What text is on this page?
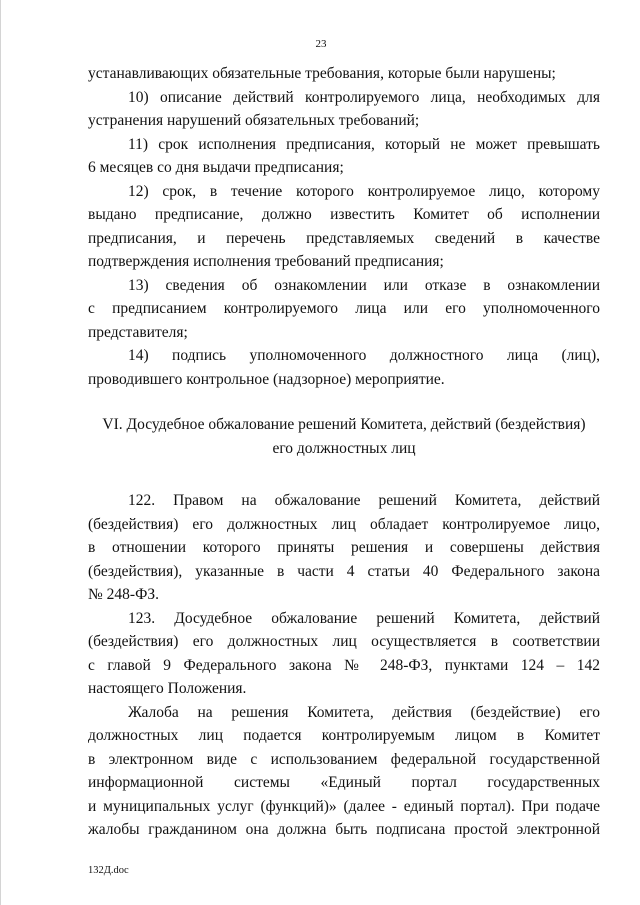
23
устанавливающих обязательные требования, которые были нарушены;
10) описание действий контролируемого лица, необходимых для
устранения нарушений обязательных требований;
11) срок исполнения предписания, который не может превышать
6 месяцев со дня выдачи предписания;
12) срок, в течение которого контролируемое лицо, которому
выдано предписание, должно известить Комитет об исполнении
предписания, и перечень представляемых сведений в качестве
подтверждения исполнения требований предписания;
13) сведения об ознакомлении или отказе в ознакомлении
с предписанием контролируемого лица или его уполномоченного
представителя;
14) подпись уполномоченного должностного лица (лиц),
проводившего контрольное (надзорное) мероприятие.
VI. Досудебное обжалование решений Комитета, действий (бездействия)
его должностных лиц
122. Правом на обжалование решений Комитета, действий
(бездействия) его должностных лиц обладает контролируемое лицо,
в отношении которого приняты решения и совершены действия
(бездействия), указанные в части 4 статьи 40 Федерального закона
№ 248-ФЗ.
123. Досудебное обжалование решений Комитета, действий
(бездействия) его должностных лиц осуществляется в соответствии
с главой 9 Федерального закона № 248-ФЗ, пунктами 124 – 142
настоящего Положения.
Жалоба на решения Комитета, действия (бездействие) его
должностных лиц подается контролируемым лицом в Комитет
в электронном виде с использованием федеральной государственной
информационной системы «Единый портал государственных
и муниципальных услуг (функций)» (далее - единый портал). При подаче
жалобы гражданином она должна быть подписана простой электронной
132Д.doc
